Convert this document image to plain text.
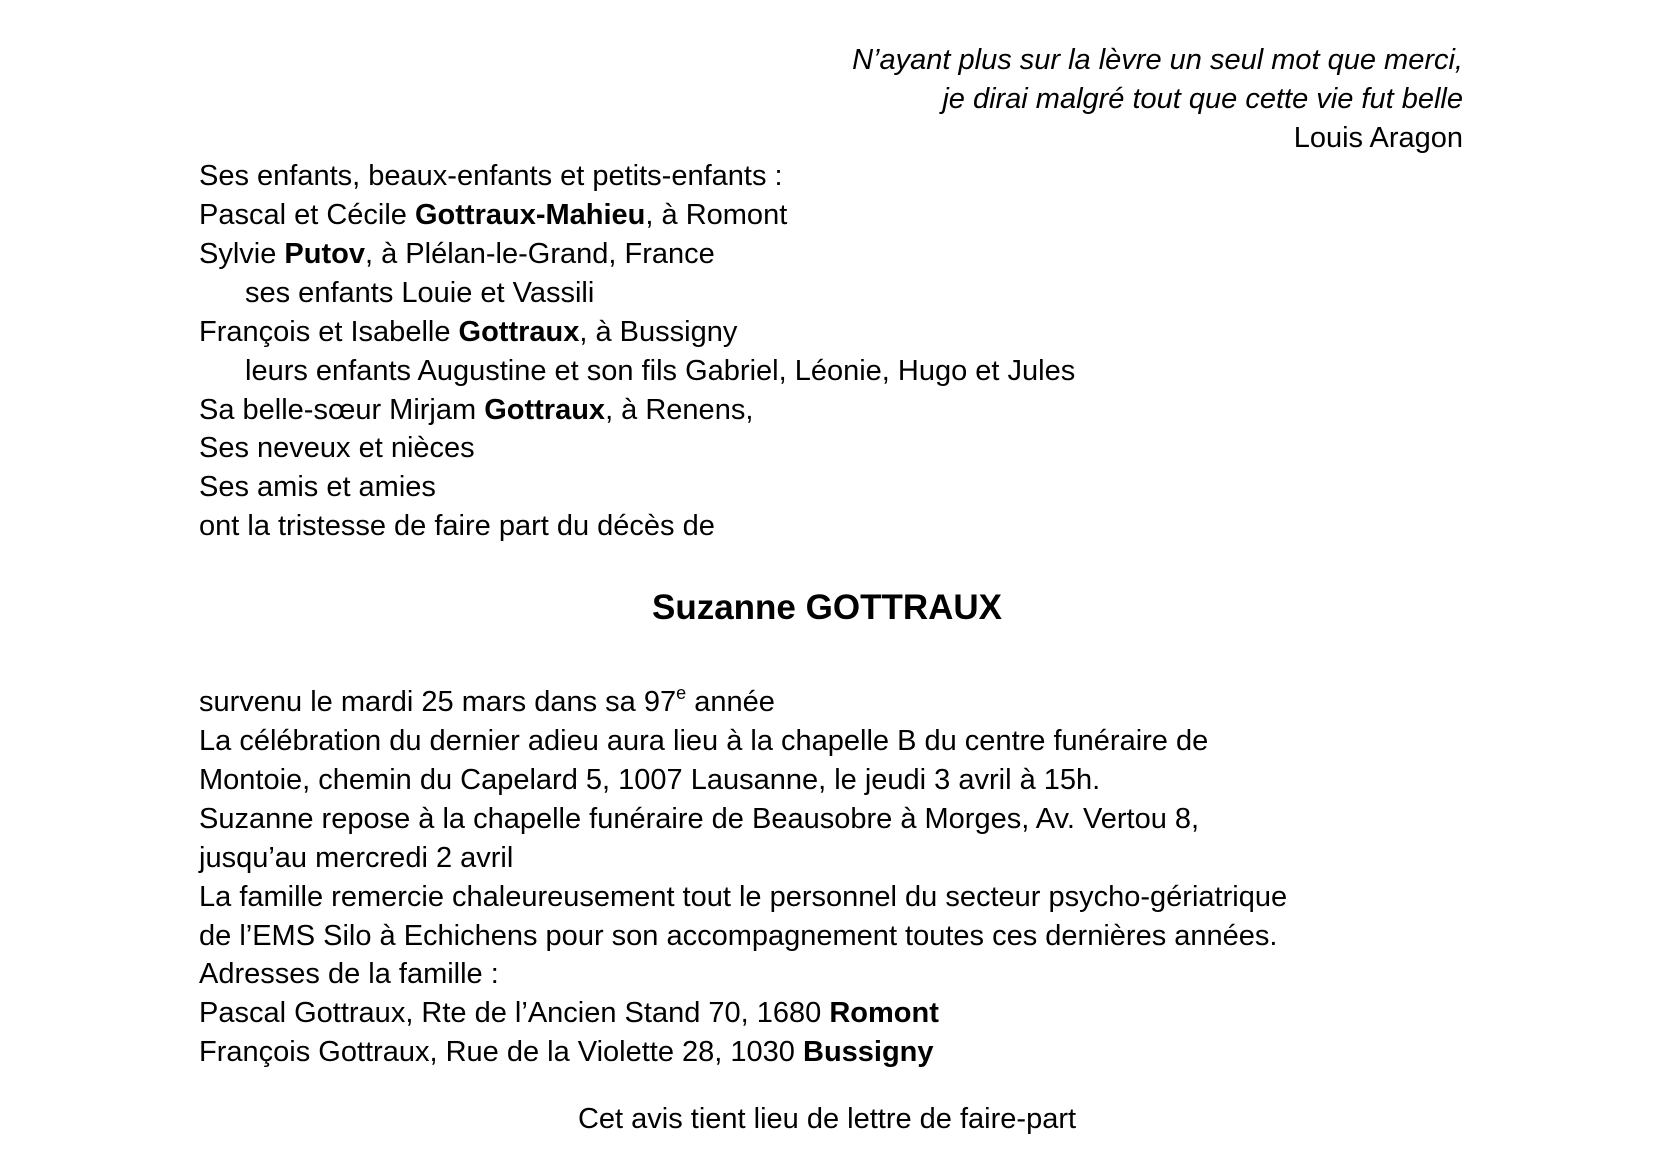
N’ayant plus sur la lèvre un seul mot que merci,
je dirai malgré tout que cette vie fut belle
Louis Aragon
Ses enfants, beaux-enfants et petits-enfants :
Pascal et Cécile Gottraux-Mahieu, à Romont
Sylvie Putov, à Plélan-le-Grand, France
ses enfants Louie et Vassili
François et Isabelle Gottraux, à Bussigny
leurs enfants Augustine et son fils Gabriel, Léonie, Hugo et Jules
Sa belle-sœur Mirjam Gottraux, à Renens,
Ses neveux et nièces
Ses amis et amies
ont la tristesse de faire part du décès de
Suzanne GOTTRAUX
survenu le mardi 25 mars dans sa 97e année
La célébration du dernier adieu aura lieu à la chapelle B du centre funéraire de
Montoie, chemin du Capelard 5, 1007 Lausanne, le jeudi 3 avril à 15h.
Suzanne repose à la chapelle funéraire de Beausobre à Morges, Av. Vertou 8,
jusqu’au mercredi 2 avril
La famille remercie chaleureusement tout le personnel du secteur psycho-gériatrique
de l’EMS Silo à Echichens pour son accompagnement toutes ces dernières années.
Adresses de la famille :
Pascal Gottraux, Rte de l’Ancien Stand 70, 1680 Romont
François Gottraux, Rue de la Violette 28, 1030 Bussigny
Cet avis tient lieu de lettre de faire-part
